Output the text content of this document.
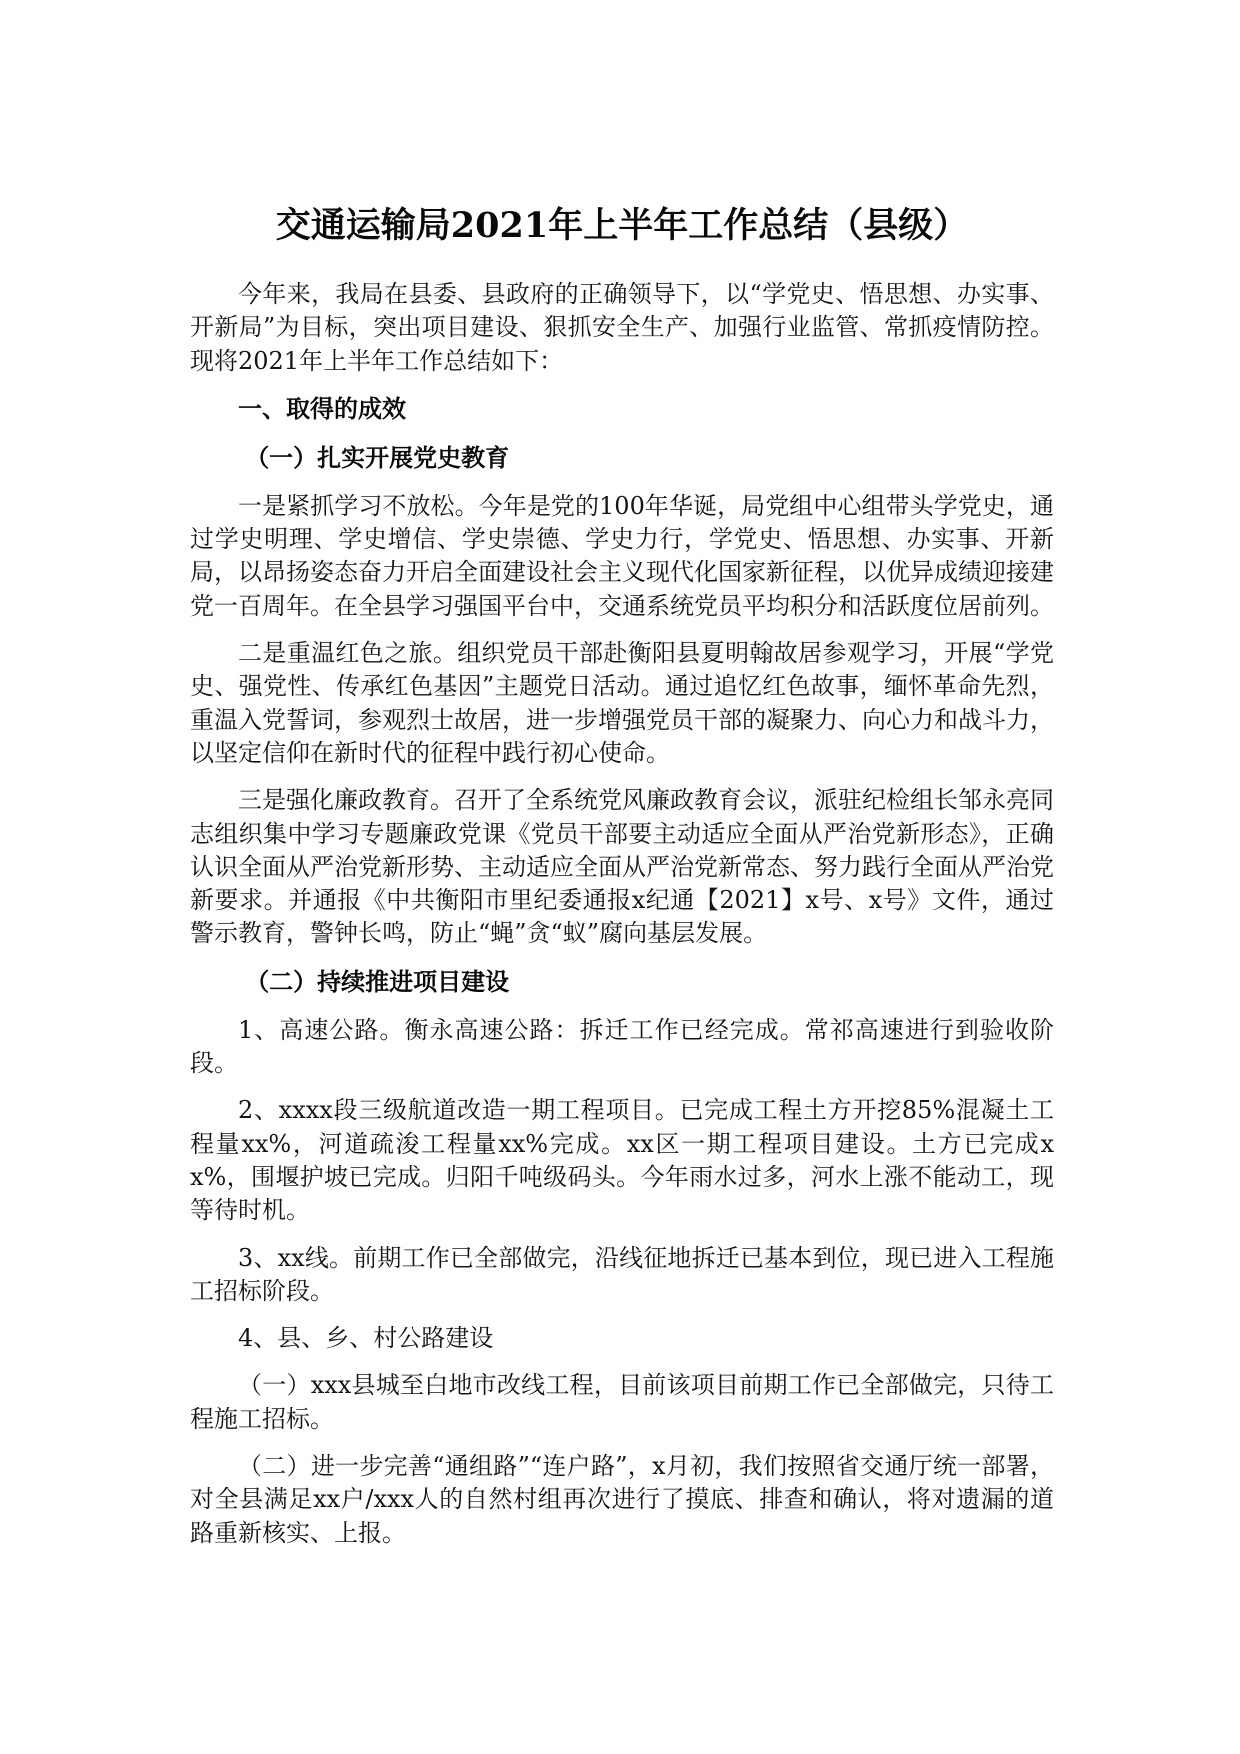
交通运输局2021年上半年工作总结（县级）

今年来，我局在县委、县政府的正确领导下，以“学党史、悟思想、办实事、开新局”为目标，突出项目建设、狠抓安全生产、加强行业监管、常抓疫情防控。现将2021年上半年工作总结如下：

一、取得的成效
（一）扎实开展党史教育

一是紧抓学习不放松。今年是党的100年华诞，局党组中心组带头学党史，通过学史明理、学史增信、学史崇德、学史力行，学党史、悟思想、办实事、开新局，以昂扬姿态奋力开启全面建设社会主义现代化国家新征程，以优异成绩迎接建党一百周年。在全县学习强国平台中，交通系统党员平均积分和活跃度位居前列。

二是重温红色之旅。组织党员干部赴衡阳县夏明翰故居参观学习，开展“学党史、强党性、传承红色基因”主题党日活动。通过追忆红色故事，缅怀革命先烈，重温入党誓词，参观烈士故居，进一步增强党员干部的凝聚力、向心力和战斗力，以坚定信仰在新时代的征程中践行初心使命。

三是强化廉政教育。召开了全系统党风廉政教育会议，派驻纪检组长邹永亮同志组织集中学习专题廉政党课《党员干部要主动适应全面从严治党新形态》，正确认识全面从严治党新形势、主动适应全面从严治党新常态、努力践行全面从严治党新要求。并通报《中共衡阳市里纪委通报x纪通【2021】x号、x号》文件，通过警示教育，警钟长鸣，防止“蝇”贪“蚁”腐向基层发展。

（二）持续推进项目建设

1、高速公路。衡永高速公路：拆迁工作已经完成。常祁高速进行到验收阶段。

2、xxxx段三级航道改造一期工程项目。已完成工程土方开挖85%混凝土工程量xx%，河道疏浚工程量xx%完成。xx区一期工程项目建设。土方已完成xx%，围堰护坡已完成。归阳千吨级码头。今年雨水过多，河水上涨不能动工，现等待时机。

3、xx线。前期工作已全部做完，沿线征地拆迁已基本到位，现已进入工程施工招标阶段。

4、县、乡、村公路建设

（一）xxx县城至白地市改线工程，目前该项目前期工作已全部做完，只待工程施工招标。

（二）进一步完善“通组路”“连户路”，x月初，我们按照省交通厅统一部署，对全县满足xx户/xxx人的自然村组再次进行了摸底、排查和确认，将对遗漏的道路重新核实、上报。
